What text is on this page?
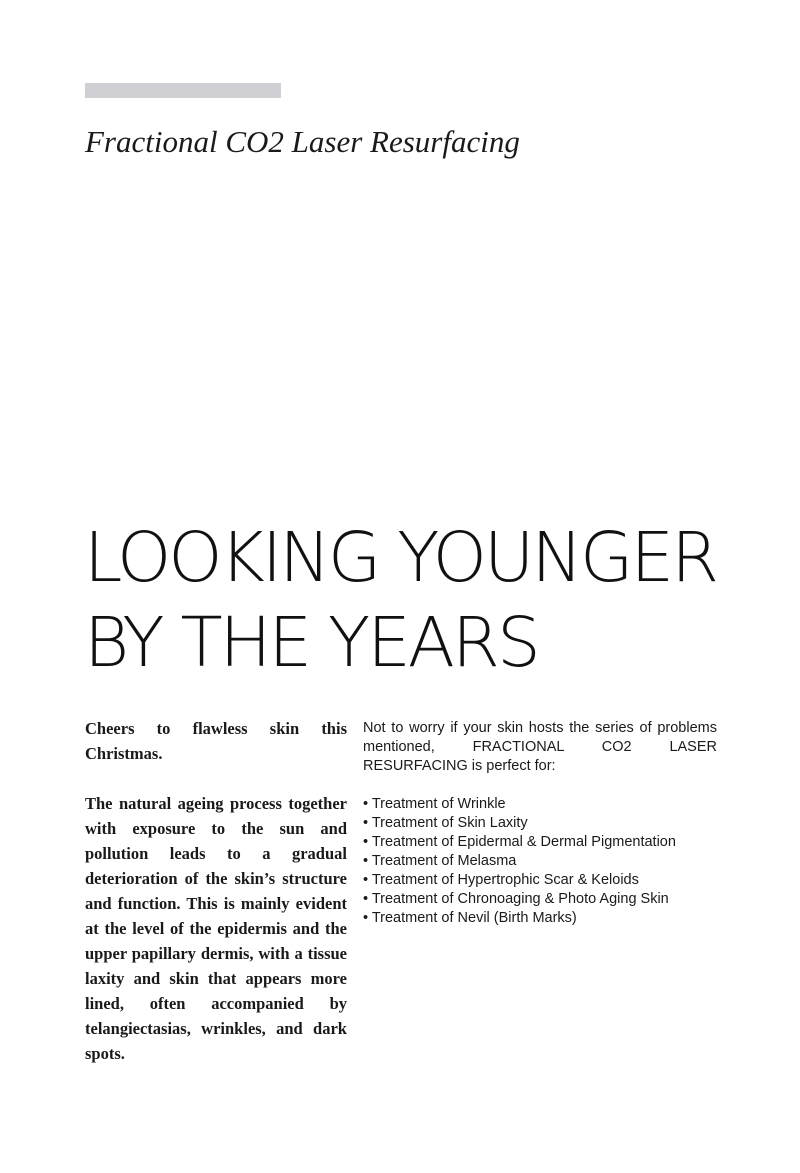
Fractional CO2 Laser Resurfacing
LOOKING YOUNGER
BY THE YEARS

Cheers to flawless skin this Christmas.

The natural ageing process together with exposure to the sun and pollution leads to a gradual deterioration of the skin’s structure and function. This is mainly evident at the level of the epidermis and the upper papillary dermis, with a tissue laxity and skin that appears more lined, often accompanied by telangiectasias, wrinkles, and dark spots.

Not to worry if your skin hosts the series of problems mentioned, FRACTIONAL CO2 LASER RESURFACING is perfect for:

• Treatment of Wrinkle
• Treatment of Skin Laxity
• Treatment of Epidermal & Dermal Pigmentation
• Treatment of Melasma
• Treatment of Hypertrophic Scar & Keloids
• Treatment of Chronoaging & Photo Aging Skin
• Treatment of Nevil (Birth Marks)
